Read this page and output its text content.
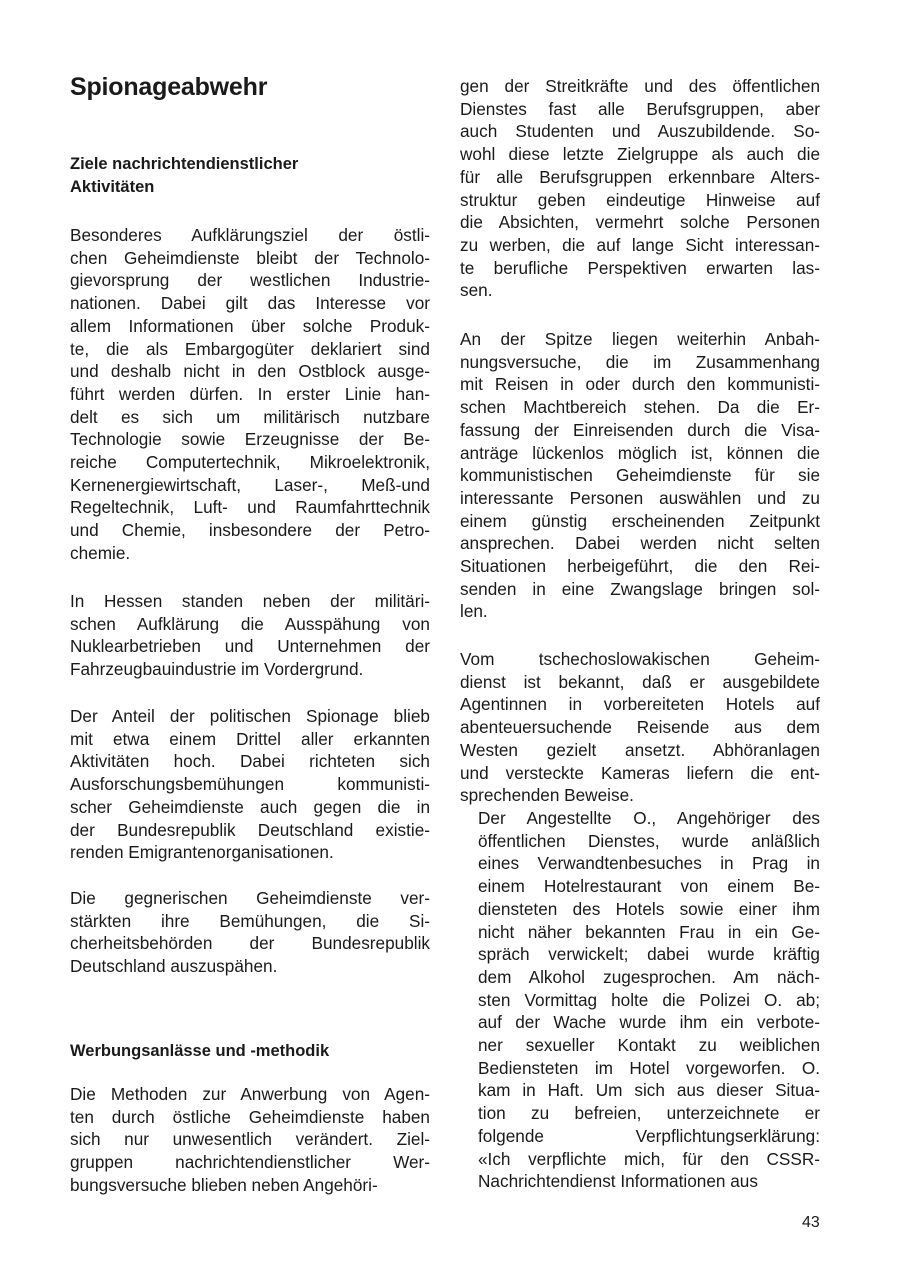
Spionageabwehr
Ziele nachrichtendienstlicher
Aktivitäten

Besonderes Aufklärungsziel der östli-
chen Geheimdienste bleibt der Technolo-
gievorsprung der westlichen Industrie-
nationen. Dabei gilt das Interesse vor
allem Informationen über solche Produk-
te, die als Embargogüter deklariert sind
und deshalb nicht in den Ostblock ausge-
führt werden dürfen. In erster Linie han-
delt es sich um militärisch nutzbare
Technologie sowie Erzeugnisse der Be-
reiche Computertechnik, Mikroelektronik,
Kernenergiewirtschaft, Laser-, Meß-und
Regeltechnik, Luft- und Raumfahrttechnik
und Chemie, insbesondere der Petro-
chemie.

In Hessen standen neben der militäri-
schen Aufklärung die Ausspähung von
Nuklearbetrieben und Unternehmen der
Fahrzeugbauindustrie im Vordergrund.

Der Anteil der politischen Spionage blieb
mit etwa einem Drittel aller erkannten
Aktivitäten hoch. Dabei richteten sich
Ausforschungsbemühungen kommunisti-
scher Geheimdienste auch gegen die in
der Bundesrepublik Deutschland existie-
renden Emigrantenorganisationen.

Die gegnerischen Geheimdienste ver-
stärkten ihre Bemühungen, die Si-
cherheitsbehörden der Bundesrepublik
Deutschland auszuspähen.

Werbungsanlässe und -methodik

Die Methoden zur Anwerbung von Agen-
ten durch östliche Geheimdienste haben
sich nur unwesentlich verändert. Ziel-
gruppen nachrichtendienstlicher Wer-
bungsversuche blieben neben Angehöri-

gen der Streitkräfte und des öffentlichen
Dienstes fast alle Berufsgruppen, aber
auch Studenten und Auszubildende. So-
wohl diese letzte Zielgruppe als auch die
für alle Berufsgruppen erkennbare Alters-
struktur geben eindeutige Hinweise auf
die Absichten, vermehrt solche Personen
zu werben, die auf lange Sicht interessan-
te berufliche Perspektiven erwarten las-
sen.

An der Spitze liegen weiterhin Anbah-
nungsversuche, die im Zusammenhang
mit Reisen in oder durch den kommunisti-
schen Machtbereich stehen. Da die Er-
fassung der Einreisenden durch die Visa-
anträge lückenlos möglich ist, können die
kommunistischen Geheimdienste für sie
interessante Personen auswählen und zu
einem günstig erscheinenden Zeitpunkt
ansprechen. Dabei werden nicht selten
Situationen herbeigeführt, die den Rei-
senden in eine Zwangslage bringen sol-
len.

Vom tschechoslowakischen Geheim-
dienst ist bekannt, daß er ausgebildete
Agentinnen in vorbereiteten Hotels auf
abenteuersuchende Reisende aus dem
Westen gezielt ansetzt. Abhöranlagen
und versteckte Kameras liefern die ent-
sprechenden Beweise.

Der Angestellte O., Angehöriger des
öffentlichen Dienstes, wurde anläßlich
eines Verwandtenbesuches in Prag in
einem Hotelrestaurant von einem Be-
diensteten des Hotels sowie einer ihm
nicht näher bekannten Frau in ein Ge-
spräch verwickelt; dabei wurde kräftig
dem Alkohol zugesprochen. Am näch-
sten Vormittag holte die Polizei O. ab;
auf der Wache wurde ihm ein verbote-
ner sexueller Kontakt zu weiblichen
Bediensteten im Hotel vorgeworfen. O.
kam in Haft. Um sich aus dieser Situa-
tion zu befreien, unterzeichnete er
folgende Verpflichtungserklärung:
«Ich verpflichte mich, für den CSSR-
Nachrichtendienst Informationen aus

43
